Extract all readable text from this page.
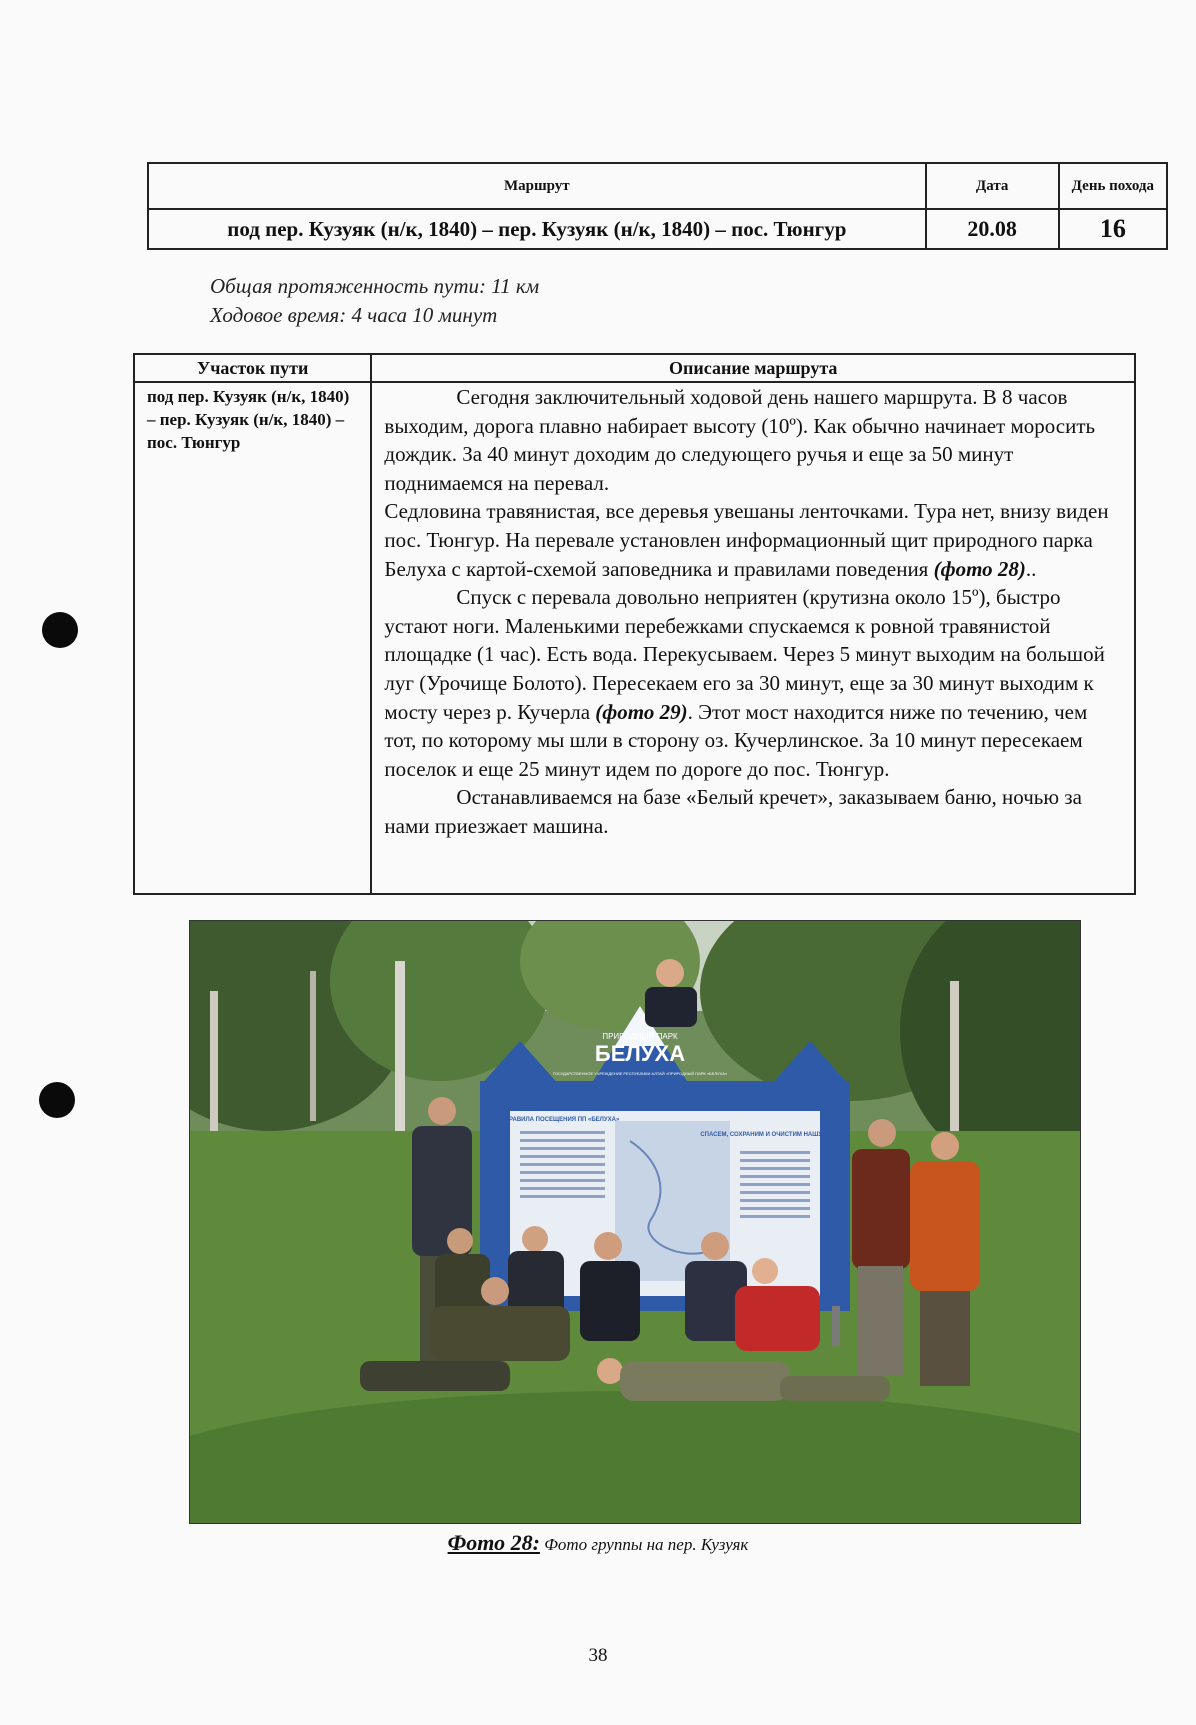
Маршрут	Дата	День похода
под пер. Кузуяк (н/к, 1840) – пер. Кузуяк (н/к, 1840) – пос. Тюнгур	20.08	16
Общая протяженность пути: 11 км
Ходовое время: 4 часа 10 минут
Участок пути	Описание маршрута
под пер. Кузуяк (н/к, 1840) – пер. Кузуяк (н/к, 1840) – пос. Тюнгур	Сегодня заключительный ходовой день нашего маршрута. В 8 часов выходим, дорога плавно набирает высоту (10º). Как обычно начинает моросить дождик. За 40 минут доходим до следующего ручья и еще за 50 минут поднимаемся на перевал.

Седловина травянистая, все деревья увешаны ленточками. Тура нет, внизу виден пос. Тюнгур. На перевале установлен информационный щит природного парка Белуха с картой-схемой заповедника и правилами поведения (фото 28)..

Спуск с перевала довольно неприятен (крутизна около 15º), быстро устают ноги. Маленькими перебежками спускаемся к ровной травянистой площадке (1 час). Есть вода. Перекусываем. Через 5 минут выходим на большой луг (Урочище Болото). Пересекаем его за 30 минут, еще за 30 минут выходим к мосту через р. Кучерла (фото 29). Этот мост находится ниже по течению, чем тот, по которому мы шли в сторону оз. Кучерлинское. За 10 минут пересекаем поселок и еще 25 минут идем по дороге до пос. Тюнгур.

Останавливаемся на базе «Белый кречет», заказываем баню, ночью за нами приезжает машина.

ПРИРОДНЫЙ ПАРК
БЕЛУХА
ГОСУДАРСТВЕННОЕ УЧРЕЖДЕНИЕ РЕСПУБЛИКИ АЛТАЙ «ПРИРОДНЫЙ ПАРК «БЕЛУХА»
ПРАВИЛА ПОСЕЩЕНИЯ ПП «БЕЛУХА»
СПАСЕМ, СОХРАНИМ И ОЧИСТИМ НАШУ БЕЛУХУ!
Фото 28: Фото группы на пер. Кузуяк
38
